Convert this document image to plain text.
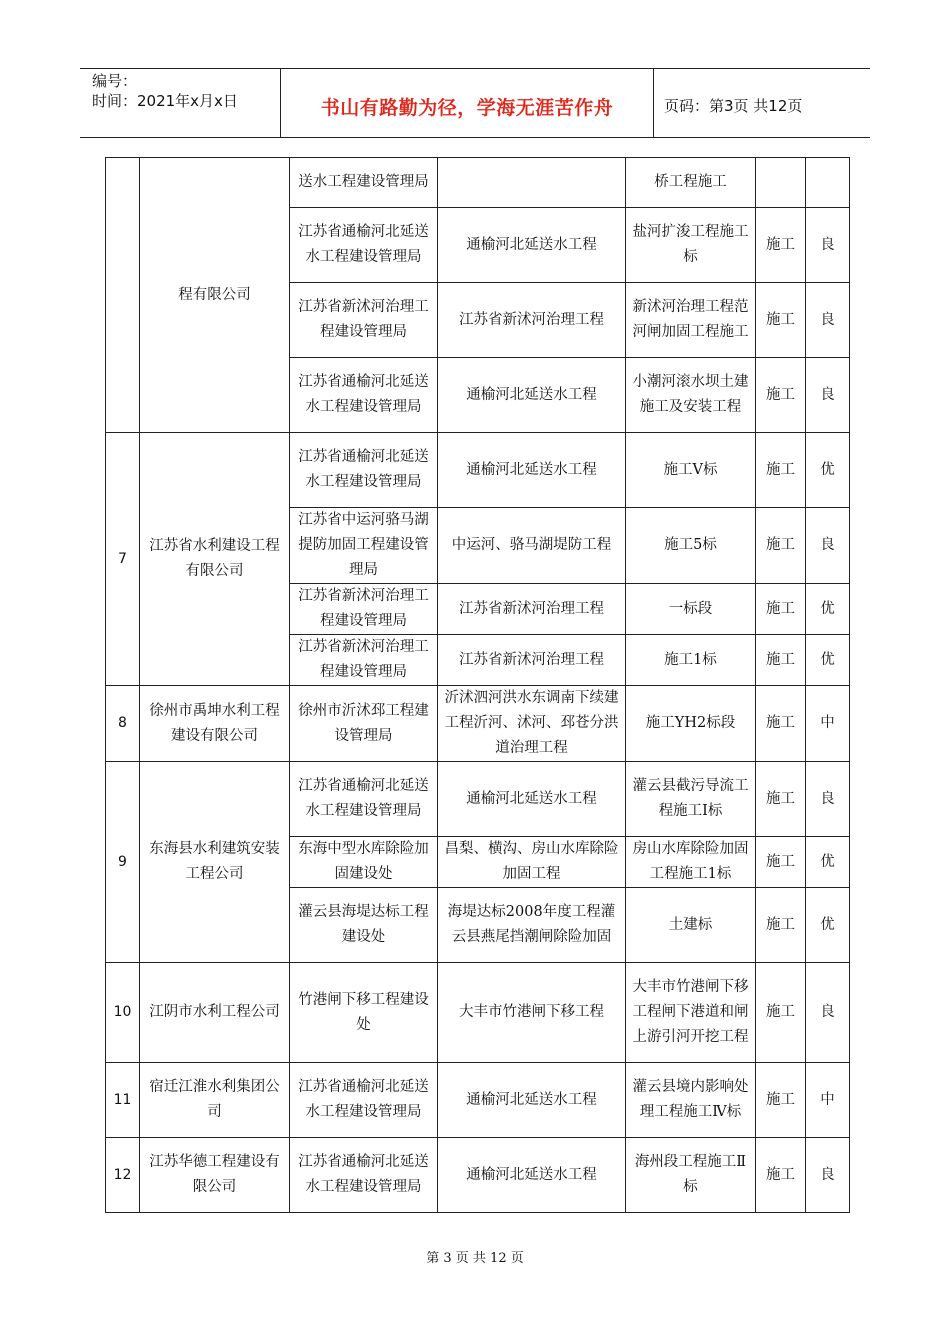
编号：
时间：2021年x月x日	书山有路勤为径，学海无涯苦作舟	页码：第3页 共12页
	程有限公司	送水工程建设管理局		桥工程施工		
		江苏省通榆河北延送水工程建设管理局	通榆河北延送水工程	盐河扩浚工程施工标	施工	良
		江苏省新沭河治理工程建设管理局	江苏省新沭河治理工程	新沭河治理工程范河闸加固工程施工	施工	良
		江苏省通榆河北延送水工程建设管理局	通榆河北延送水工程	小潮河滚水坝土建施工及安装工程	施工	良
7	江苏省水利建设工程有限公司	江苏省通榆河北延送水工程建设管理局	通榆河北延送水工程	施工Ⅴ标	施工	优
		江苏省中运河骆马湖提防加固工程建设管理局	中运河、骆马湖堤防工程	施工5标	施工	良
		江苏省新沭河治理工程建设管理局	江苏省新沭河治理工程	一标段	施工	优
		江苏省新沭河治理工程建设管理局	江苏省新沭河治理工程	施工1标	施工	优
8	徐州市禹坤水利工程建设有限公司	徐州市沂沭邳工程建设管理局	沂沭泗河洪水东调南下续建工程沂河、沭河、邳苍分洪道治理工程	施工YH2标段	施工	中
9	东海县水利建筑安装工程公司	江苏省通榆河北延送水工程建设管理局	通榆河北延送水工程	灌云县截污导流工程施工Ⅰ标	施工	良
		东海中型水库除险加固建设处	昌梨、横沟、房山水库除险加固工程	房山水库除险加固工程施工1标	施工	优
		灌云县海堤达标工程建设处	海堤达标2008年度工程灌云县燕尾挡潮闸除险加固	土建标	施工	优
10	江阴市水利工程公司	竹港闸下移工程建设处	大丰市竹港闸下移工程	大丰市竹港闸下移工程闸下港道和闸上游引河开挖工程	施工	良
11	宿迁江淮水利集团公司	江苏省通榆河北延送水工程建设管理局	通榆河北延送水工程	灌云县境内影响处理工程施工Ⅳ标	施工	中
12	江苏华德工程建设有限公司	江苏省通榆河北延送水工程建设管理局	通榆河北延送水工程	海州段工程施工Ⅱ标	施工	良
第 3 页 共 12 页
